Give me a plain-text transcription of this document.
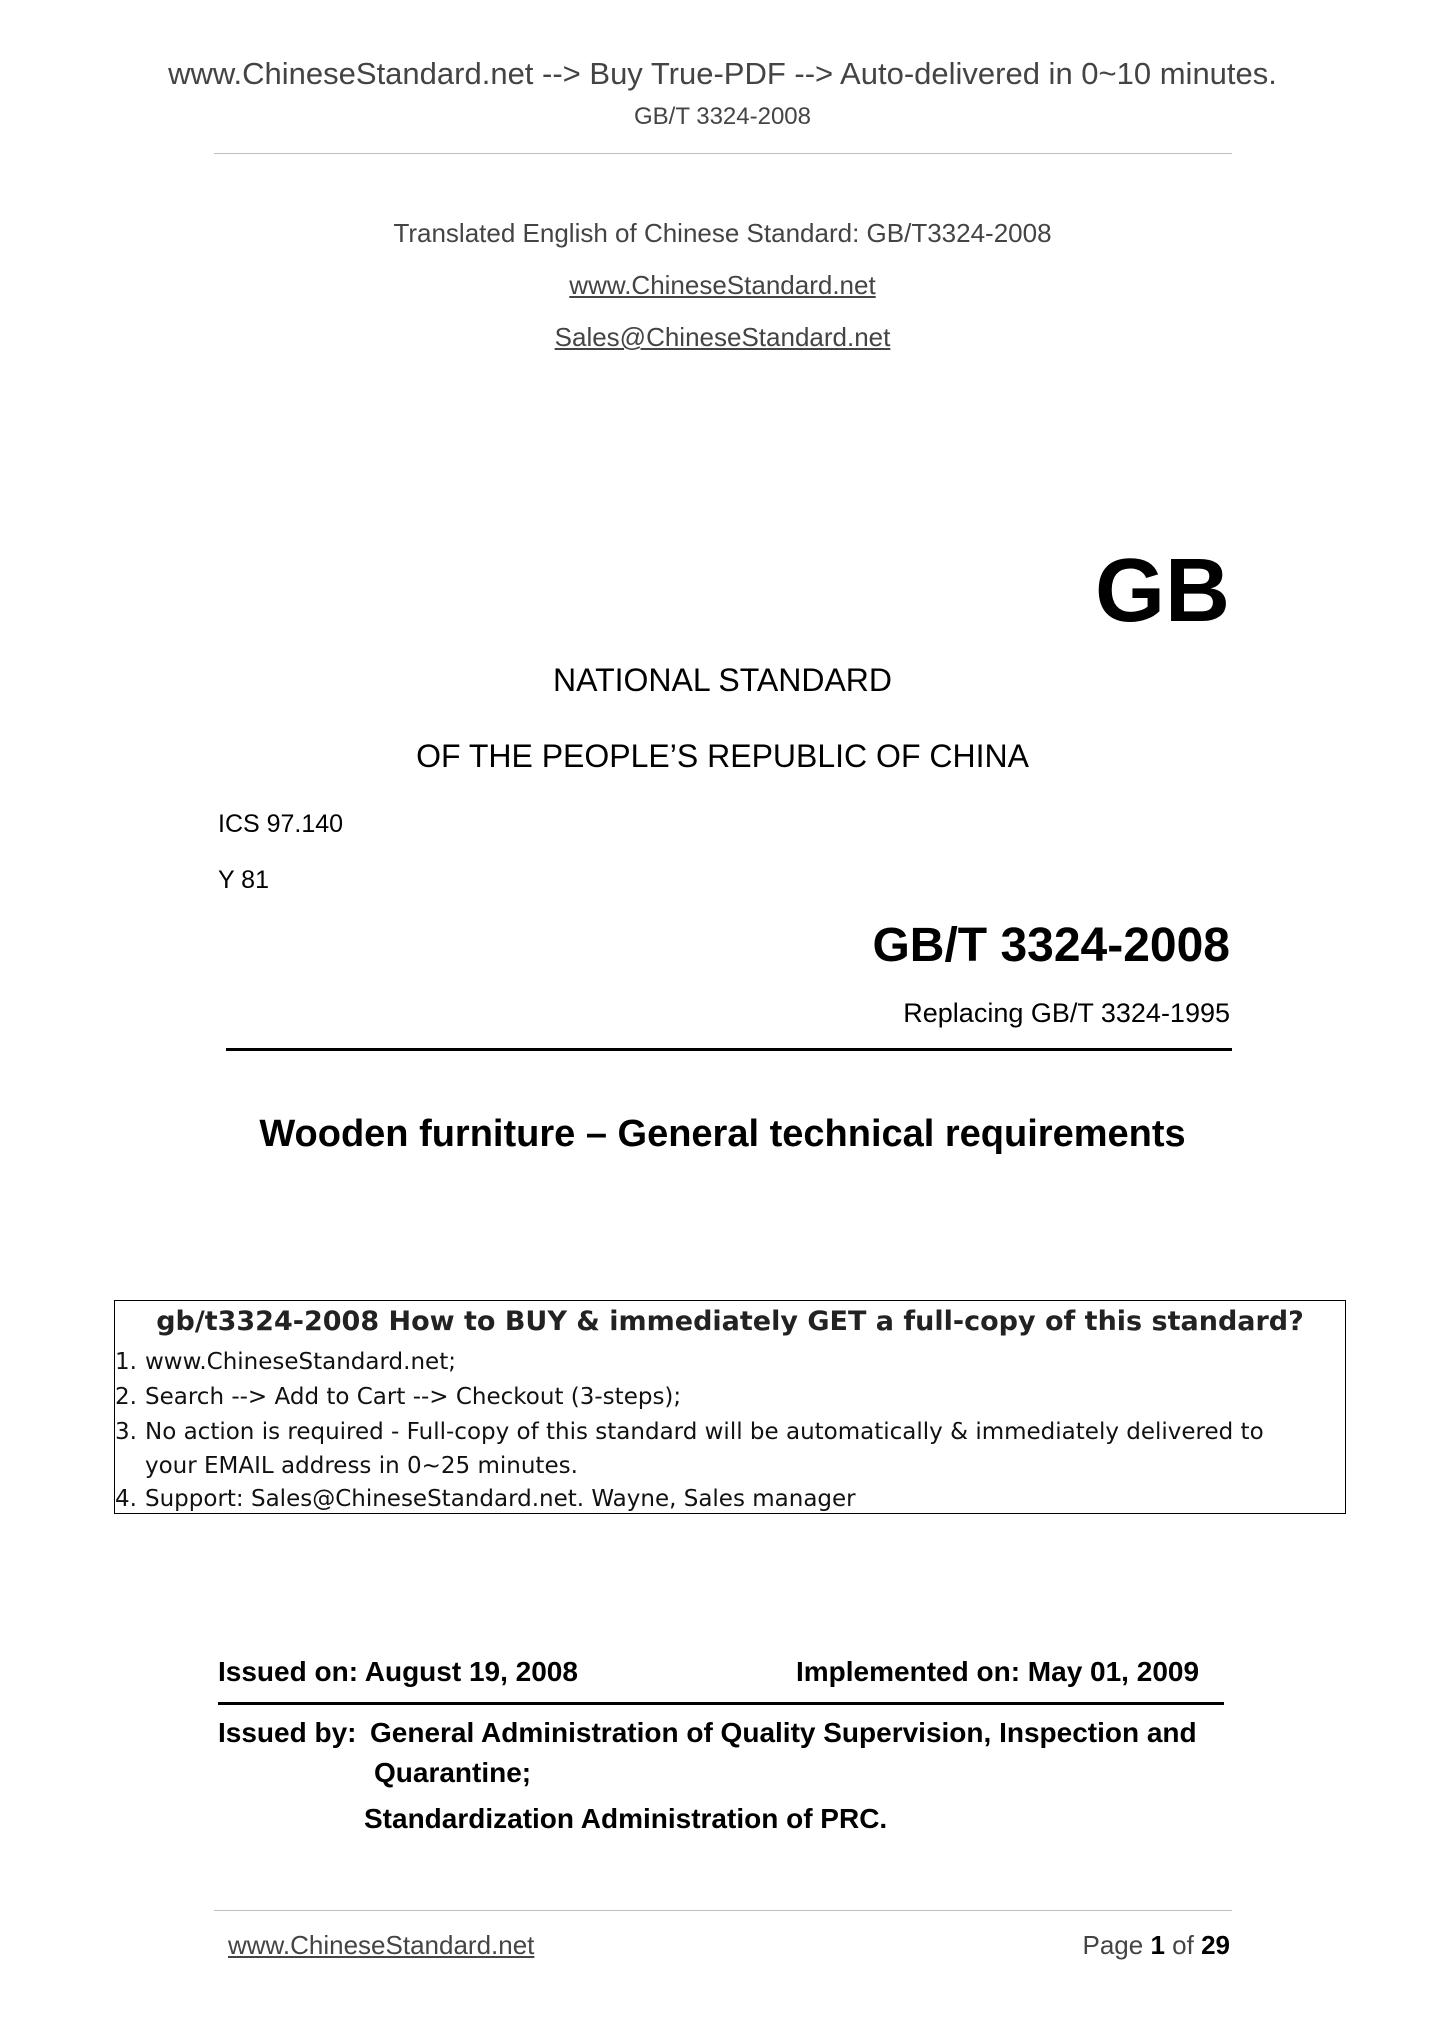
www.ChineseStandard.net --> Buy True-PDF --> Auto-delivered in 0~10 minutes.
GB/T 3324-2008
Translated English of Chinese Standard: GB/T3324-2008
www.ChineseStandard.net
Sales@ChineseStandard.net
GB
NATIONAL STANDARD
OF THE PEOPLE’S REPUBLIC OF CHINA
ICS 97.140
Y 81
GB/T 3324-2008
Replacing GB/T 3324-1995
Wooden furniture – General technical requirements
gb/t3324-2008 How to BUY & immediately GET a full-copy of this standard?
1. www.ChineseStandard.net;
2. Search --> Add to Cart --> Checkout (3-steps);
3. No action is required - Full-copy of this standard will be automatically & immediately delivered to
your EMAIL address in 0~25 minutes.
4. Support: Sales@ChineseStandard.net. Wayne, Sales manager
Issued on: August 19, 2008	Implemented on: May 01, 2009
Issued by: General Administration of Quality Supervision, Inspection and
Quarantine;
Standardization Administration of PRC.
www.ChineseStandard.net	Page 1 of 29
